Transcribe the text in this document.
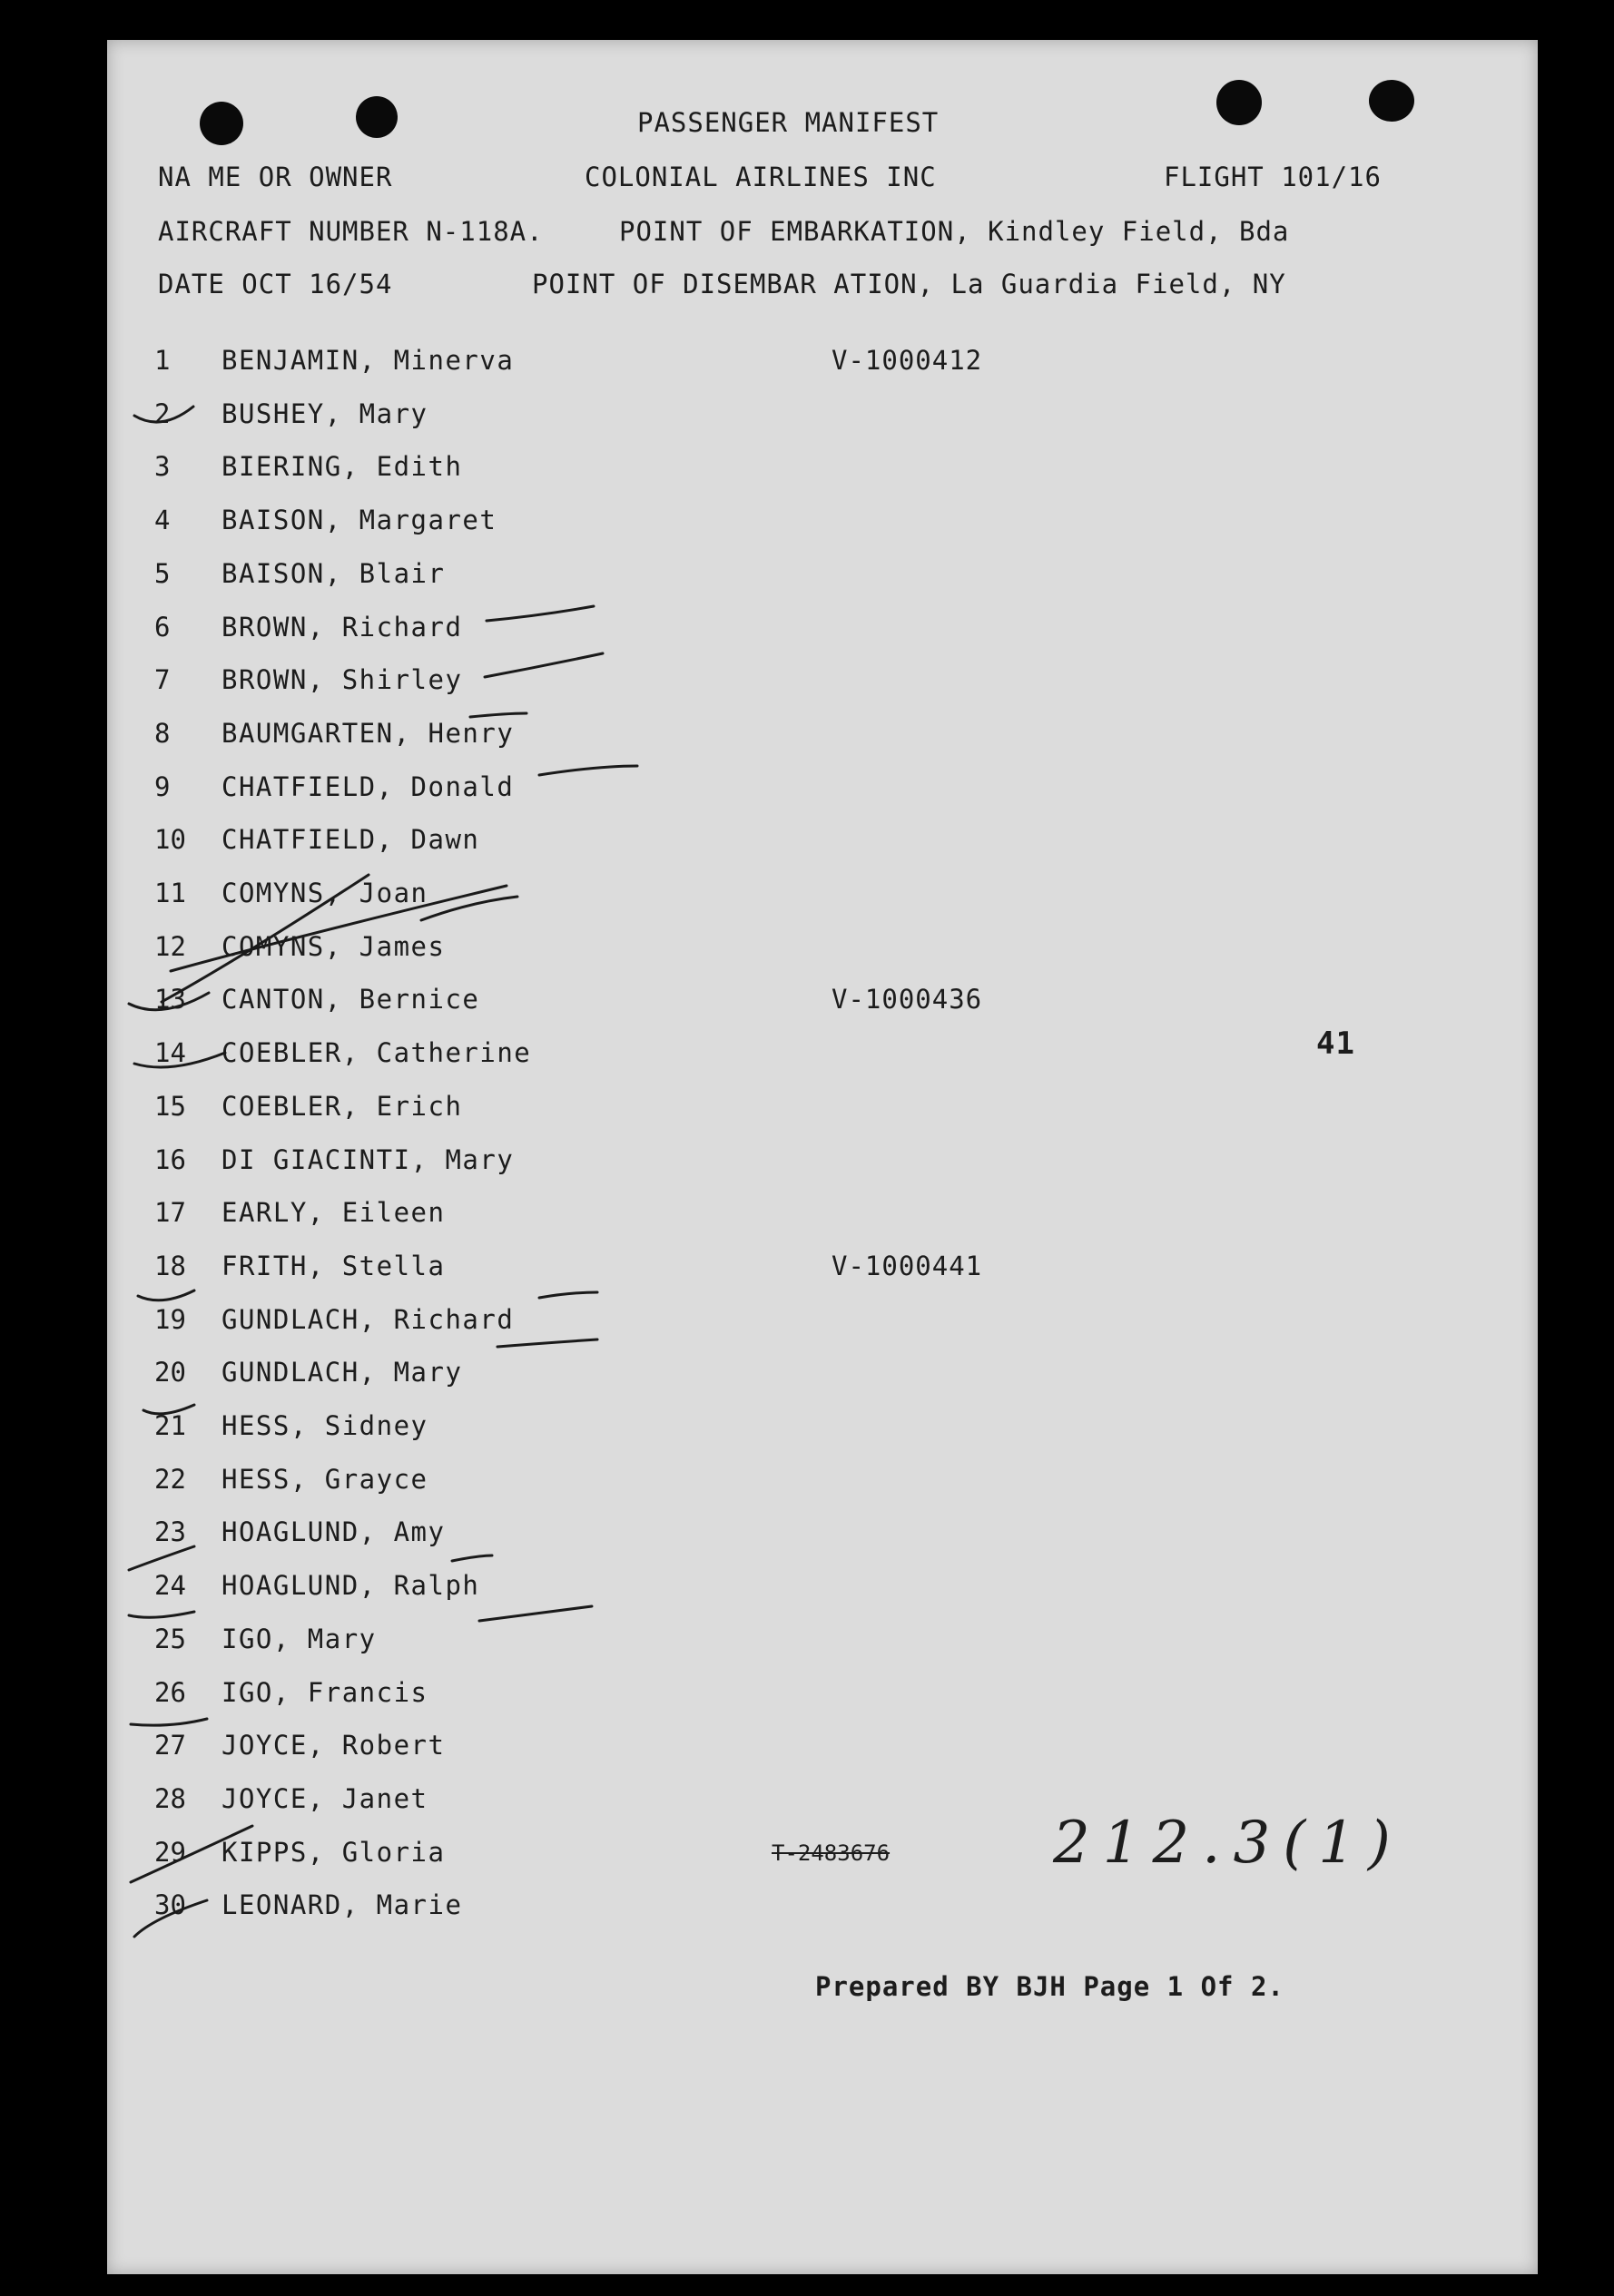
PASSENGER MANIFEST
NA ME OR OWNER	COLONIAL AIRLINES INC	FLIGHT 101/16
AIRCRAFT NUMBER N-118A.	POINT OF EMBARKATION, Kindley Field, Bda
DATE OCT 16/54	POINT OF DISEMBAR ATION, La Guardia Field, NY
1	BENJAMIN, Minerva	V-1000412
2	BUSHEY, Mary
3	BIERING, Edith
4	BAISON, Margaret
5	BAISON, Blair
6	BROWN, Richard
7	BROWN, Shirley
8	BAUMGARTEN, Henry
9	CHATFIELD, Donald
10	CHATFIELD, Dawn
11	COMYNS, Joan
12	COMYNS, James
13	CANTON, Bernice	V-1000436
14	COEBLER, Catherine
15	COEBLER, Erich
16	DI GIACINTI, Mary
17	EARLY, Eileen
18	FRITH, Stella	V-1000441
19	GUNDLACH, Richard
20	GUNDLACH, Mary
21	HESS, Sidney
22	HESS, Grayce
23	HOAGLUND, Amy
24	HOAGLUND, Ralph
25	IGO, Mary
26	IGO, Francis
27	JOYCE, Robert
28	JOYCE, Janet
29	KIPPS, Gloria
30	LEONARD, Marie
41
T-2483676	212.3(1)
Prepared BY BJH Page 1 Of 2.
